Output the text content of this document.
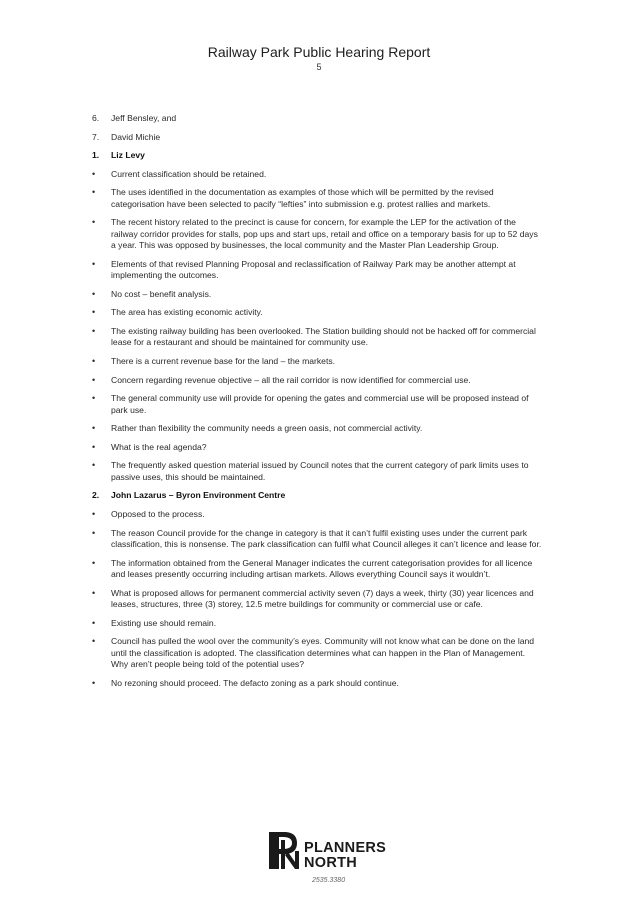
Railway Park Public Hearing Report
5
6.	Jeff Bensley, and
7.	David Michie
1.	Liz Levy
•	Current classification should be retained.
•	The uses identified in the documentation as examples of those which will be permitted by the revised categorisation have been selected to pacify “lefties” into submission e.g. protest rallies and markets.
•	The recent history related to the precinct is cause for concern, for example the LEP for the activation of the railway corridor provides for stalls, pop ups and start ups, retail and office on a temporary basis for up to 52 days a year. This was opposed by businesses, the local community and the Master Plan Leadership Group.
•	Elements of that revised Planning Proposal and reclassification of Railway Park may be another attempt at implementing the outcomes.
•	No cost – benefit analysis.
•	The area has existing economic activity.
•	The existing railway building has been overlooked. The Station building should not be hacked off for commercial lease for a restaurant and should be maintained for community use.
•	There is a current revenue base for the land – the markets.
•	Concern regarding revenue objective – all the rail corridor is now identified for commercial use.
•	The general community use will provide for opening the gates and commercial use will be proposed instead of park use.
•	Rather than flexibility the community needs a green oasis, not commercial activity.
•	What is the real agenda?
•	The frequently asked question material issued by Council notes that the current category of park limits uses to passive uses, this should be maintained.
2.	John Lazarus – Byron Environment Centre
•	Opposed to the process.
•	The reason Council provide for the change in category is that it can’t fulfil existing uses under the current park classification, this is nonsense. The park classification can fulfil what Council alleges it can’t licence and lease for.
•	The information obtained from the General Manager indicates the current categorisation provides for all licence and leases presently occurring including artisan markets. Allows everything Council says it wouldn’t.
•	What is proposed allows for permanent commercial activity seven (7) days a week, thirty (30) year licences and leases, structures, three (3) storey, 12.5 metre buildings for community or commercial use or cafe.
•	Existing use should remain.
•	Council has pulled the wool over the community’s eyes. Community will not know what can be done on the land until the classification is adopted. The classification determines what can happen in the Plan of Management. Why aren’t people being told of the potential uses?
•	No rezoning should proceed. The defacto zoning as a park should continue.
PLANNERS
NORTH
2535.3380
